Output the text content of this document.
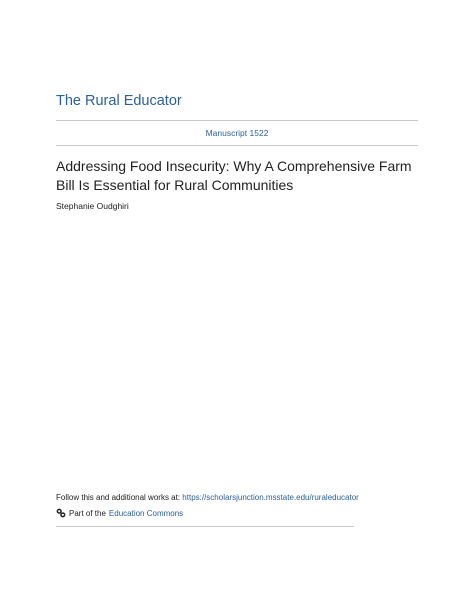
The Rural Educator
Manuscript 1522
Addressing Food Insecurity: Why A Comprehensive Farm Bill Is Essential for Rural Communities
Stephanie Oudghiri
Follow this and additional works at: https://scholarsjunction.msstate.edu/ruraleducator
Part of the Education Commons
